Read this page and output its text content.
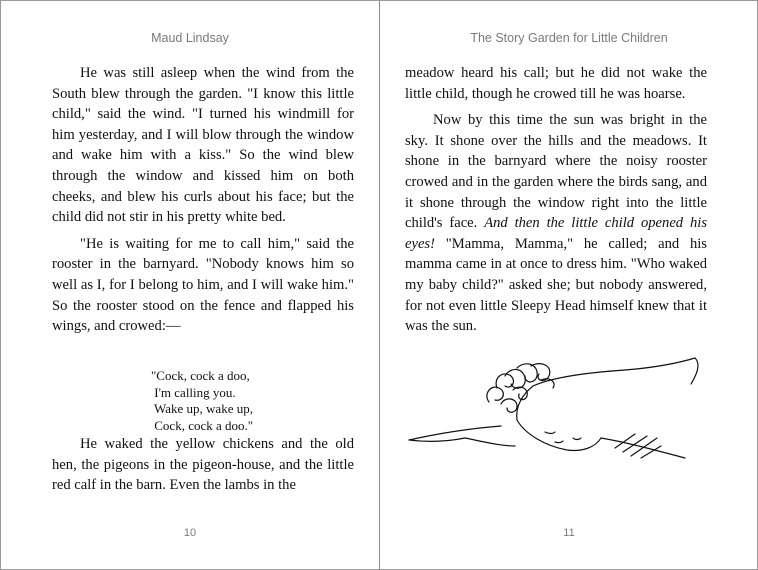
Maud Lindsay

He was still asleep when the wind from the South blew through the garden. "I know this little child," said the wind. "I turned his windmill for him yesterday, and I will blow through the window and wake him with a kiss." So the wind blew through the window and kissed him on both cheeks, and blew his curls about his face; but the child did not stir in his pretty white bed.

"He is waiting for me to call him," said the rooster in the barnyard. "Nobody knows him so well as I, for I belong to him, and I will wake him." So the rooster stood on the fence and flapped his wings, and crowed:—

"Cock, cock a doo,
I'm calling you.
Wake up, wake up,
Cock, cock a doo."

He waked the yellow chickens and the old hen, the pigeons in the pigeon-house, and the little red calf in the barn. Even the lambs in the

10
The Story Garden for Little Children

meadow heard his call; but he did not wake the little child, though he crowed till he was hoarse.

Now by this time the sun was bright in the sky. It shone over the hills and the meadows. It shone in the barnyard where the noisy rooster crowed and in the garden where the birds sang, and it shone through the window right into the little child's face. And then the little child opened his eyes! "Mamma, Mamma," he called; and his mamma came in at once to dress him. "Who waked my baby child?" asked she; but nobody answered, for not even little Sleepy Head himself knew that it was the sun.

11
